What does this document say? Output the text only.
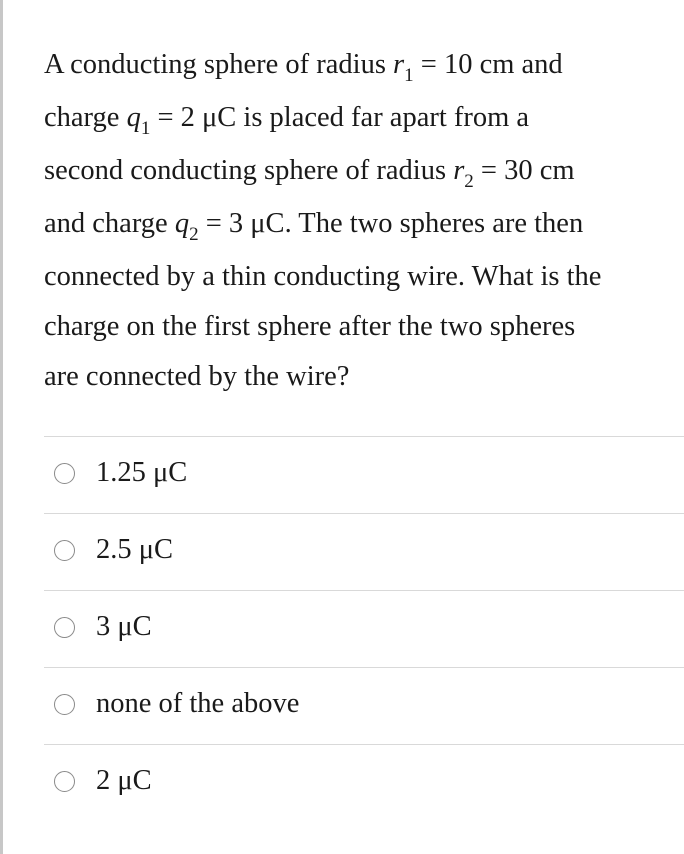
A conducting sphere of radius $r_1 = 10$ cm and

charge $q_1 = 2$ μC is placed far apart from a

second conducting sphere of radius $r_2 = 30$ cm

and charge $q_2 = 3$ μC. The two spheres are then

connected by a thin conducting wire. What is the

charge on the first sphere after the two spheres

are connected by the wire?

1.25 μC
2.5 μC
3 μC
none of the above
2 μC
